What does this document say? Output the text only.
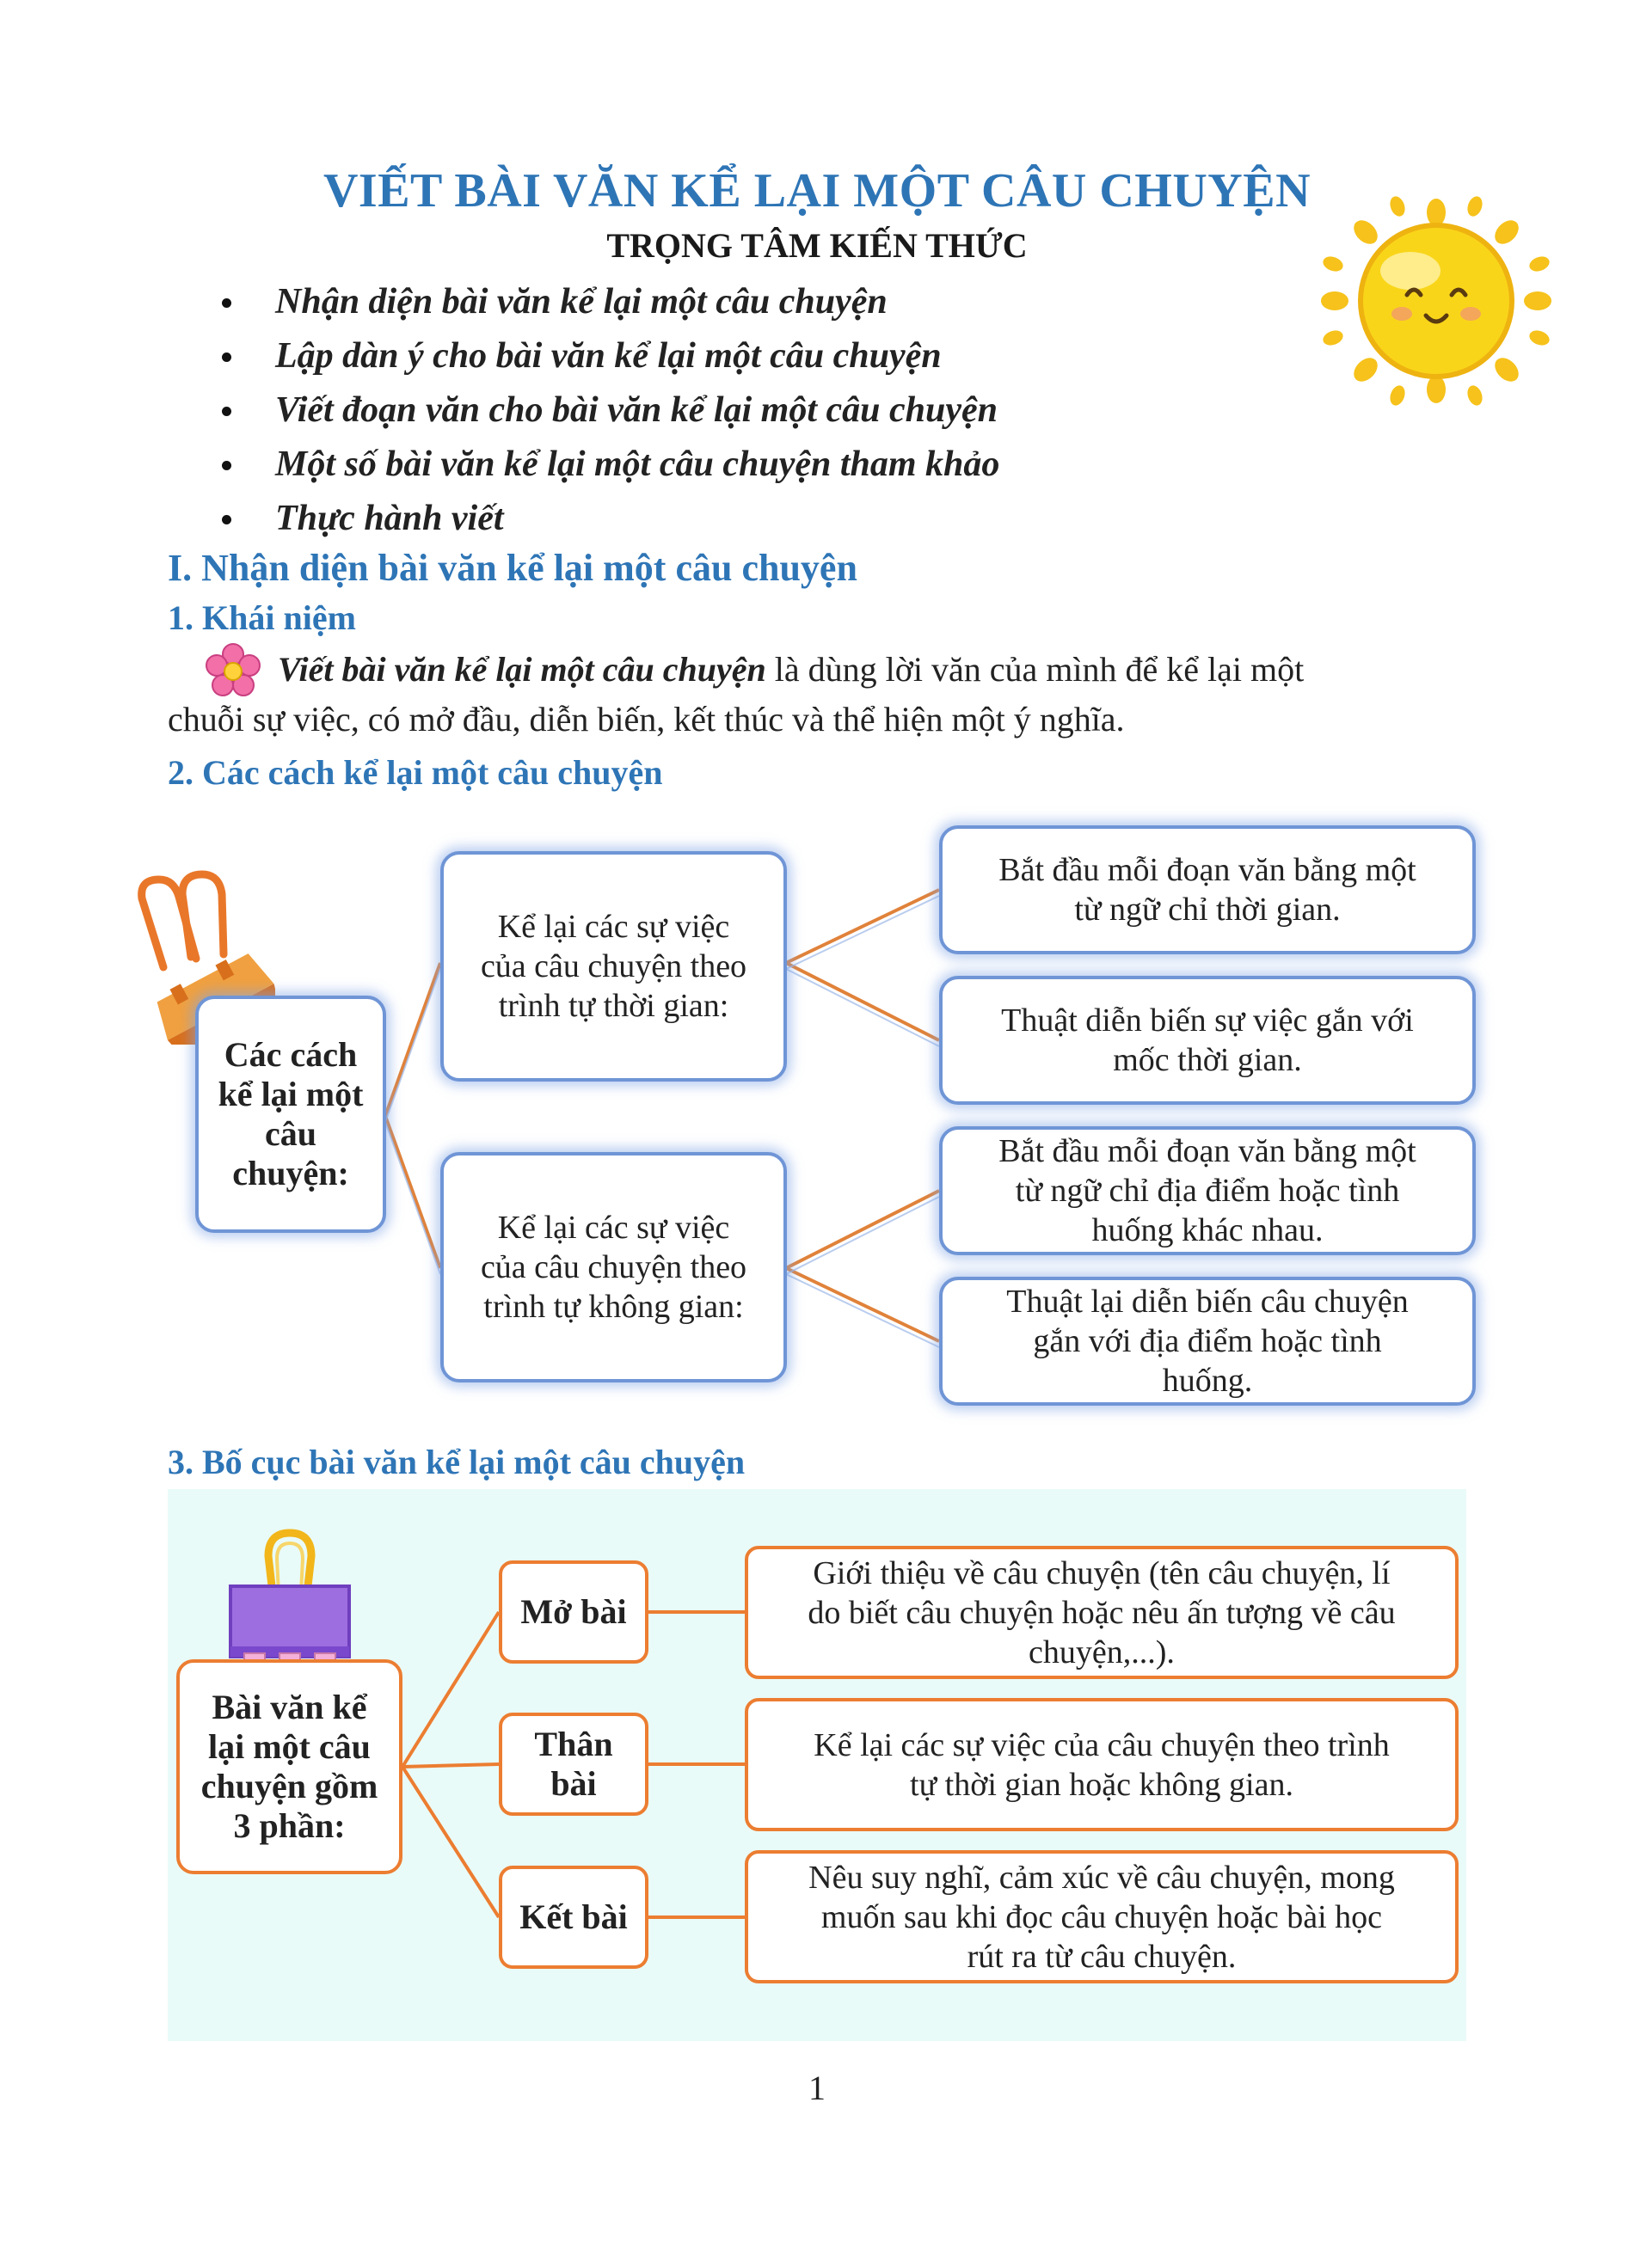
VIẾT BÀI VĂN KỂ LẠI MỘT CÂU CHUYỆN
TRỌNG TÂM KIẾN THỨC
Nhận diện bài văn kể lại một câu chuyện
Lập dàn ý cho bài văn kể lại một câu chuyện
Viết đoạn văn cho bài văn kể lại một câu chuyện
Một số bài văn kể lại một câu chuyện tham khảo
Thực hành viết
I. Nhận diện bài văn kể lại một câu chuyện
1. Khái niệm
Viết bài văn kể lại một câu chuyện là dùng lời văn của mình để kể lại một
chuỗi sự việc, có mở đầu, diễn biến, kết thúc và thể hiện một ý nghĩa.
2. Các cách kể lại một câu chuyện
Các cách
kể lại một
câu
chuyện:
Kể lại các sự việc
của câu chuyện theo
trình tự thời gian:
Kể lại các sự việc
của câu chuyện theo
trình tự không gian:
Bắt đầu mỗi đoạn văn bằng một
từ ngữ chỉ thời gian.
Thuật diễn biến sự việc gắn với
mốc thời gian.
Bắt đầu mỗi đoạn văn bằng một
từ ngữ chỉ địa điểm hoặc tình
huống khác nhau.
Thuật lại diễn biến câu chuyện
gắn với địa điểm hoặc tình
huống.
3. Bố cục bài văn kể lại một câu chuyện
Bài văn kể
lại một câu
chuyện gồm
3 phần:
Mở bài
Thân
bài
Kết bài
Giới thiệu về câu chuyện (tên câu chuyện, lí
do biết câu chuyện hoặc nêu ấn tượng về câu
chuyện,...).
Kể lại các sự việc của câu chuyện theo trình
tự thời gian hoặc không gian.
Nêu suy nghĩ, cảm xúc về câu chuyện, mong
muốn sau khi đọc câu chuyện hoặc bài học
rút ra từ câu chuyện.
1
